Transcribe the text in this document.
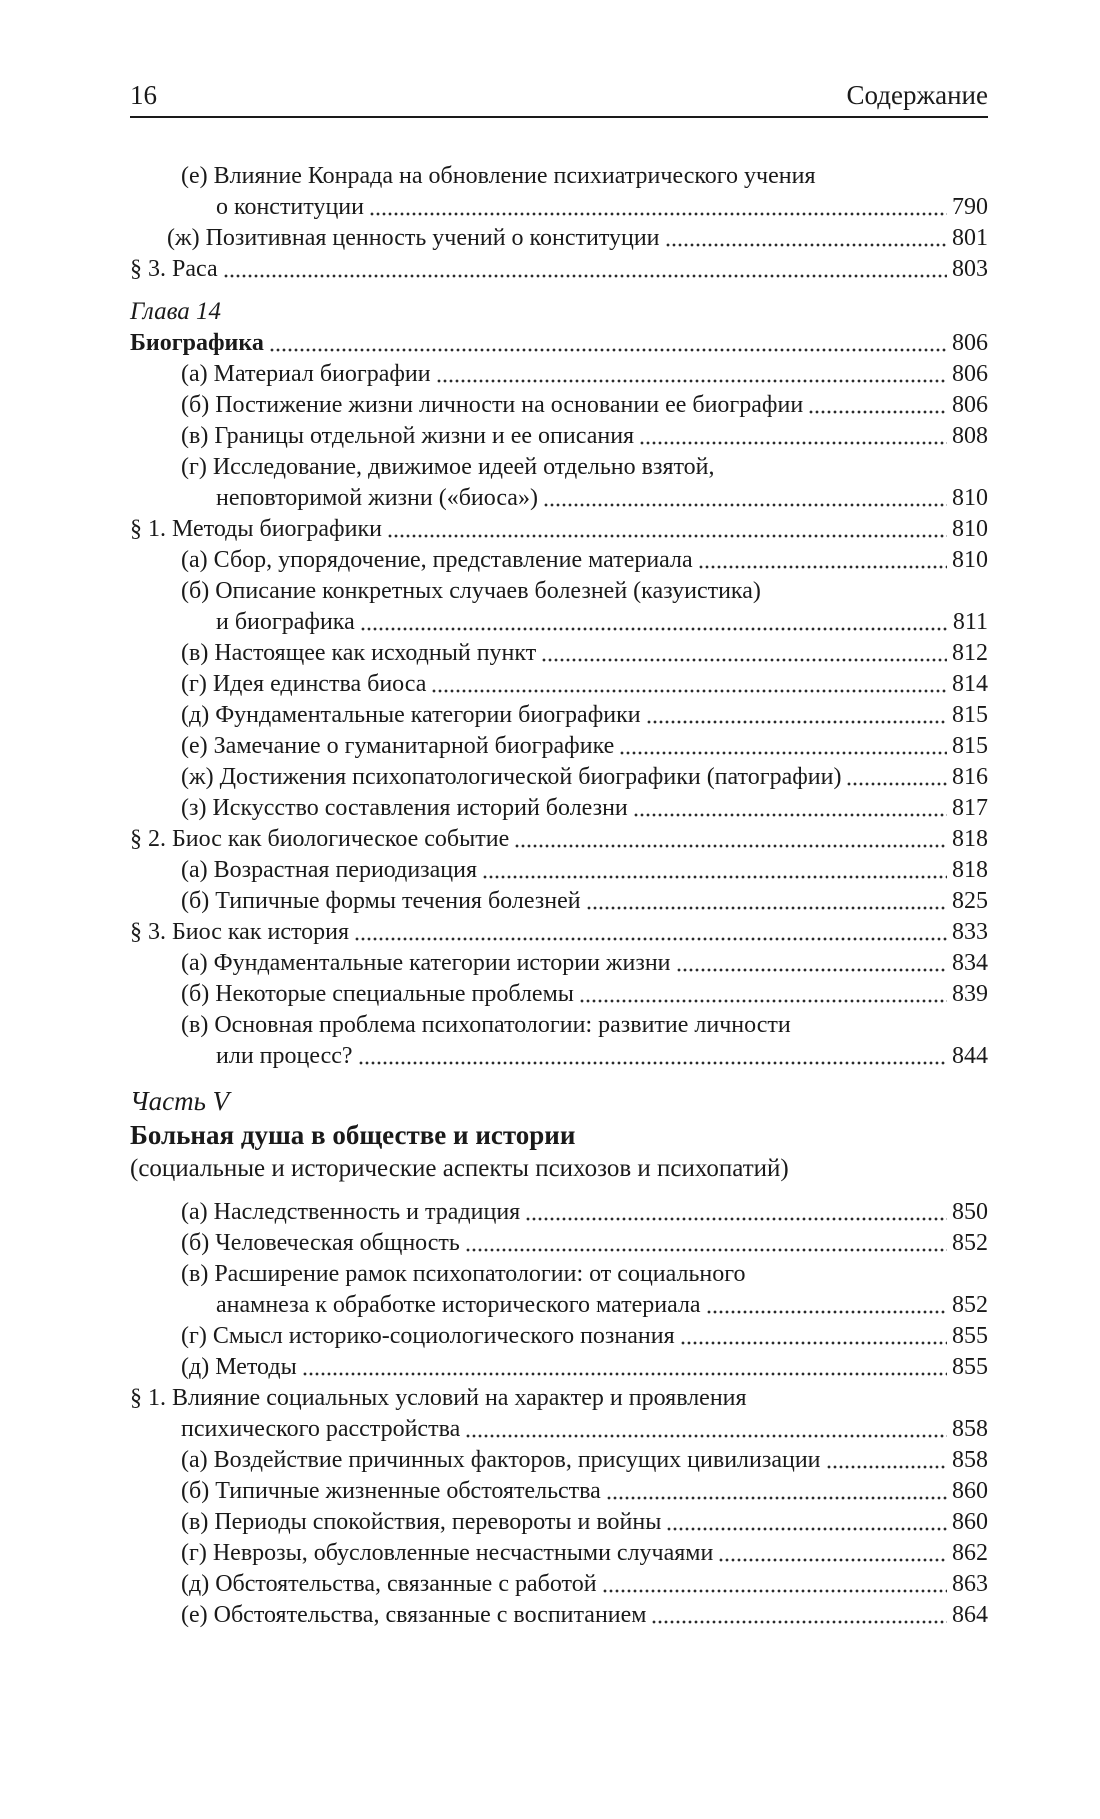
16	Содержание
(е) Влияние Конрада на обновление психиатрического учения
о конституции	790
(ж) Позитивная ценность учений о конституции	801
§ 3. Раса	803
Глава 14
Биографика	806
(а) Материал биографии	806
(б) Постижение жизни личности на основании ее биографии	806
(в) Границы отдельной жизни и ее описания	808
(г) Исследование, движимое идеей отдельно взятой,
неповторимой жизни («биоса»)	810
§ 1. Методы биографики	810
(а) Сбор, упорядочение, представление материала	810
(б) Описание конкретных случаев болезней (казуистика)
и биографика	811
(в) Настоящее как исходный пункт	812
(г) Идея единства биоса	814
(д) Фундаментальные категории биографики	815
(е) Замечание о гуманитарной биографике	815
(ж) Достижения психопатологической биографики (патографии)	816
(з) Искусство составления историй болезни	817
§ 2. Биос как биологическое событие	818
(а) Возрастная периодизация	818
(б) Типичные формы течения болезней	825
§ 3. Биос как история	833
(а) Фундаментальные категории истории жизни	834
(б) Некоторые специальные проблемы	839
(в) Основная проблема психопатологии: развитие личности
или процесс?	844
Часть V
Больная душа в обществе и истории
(социальные и исторические аспекты психозов и психопатий)
(а) Наследственность и традиция	850
(б) Человеческая общность	852
(в) Расширение рамок психопатологии: от социального
анамнеза к обработке исторического материала	852
(г) Смысл историко-социологического познания	855
(д) Методы	855
§ 1. Влияние социальных условий на характер и проявления
психического расстройства	858
(а) Воздействие причинных факторов, присущих цивилизации	858
(б) Типичные жизненные обстоятельства	860
(в) Периоды спокойствия, перевороты и войны	860
(г) Неврозы, обусловленные несчастными случаями	862
(д) Обстоятельства, связанные с работой	863
(е) Обстоятельства, связанные с воспитанием	864
